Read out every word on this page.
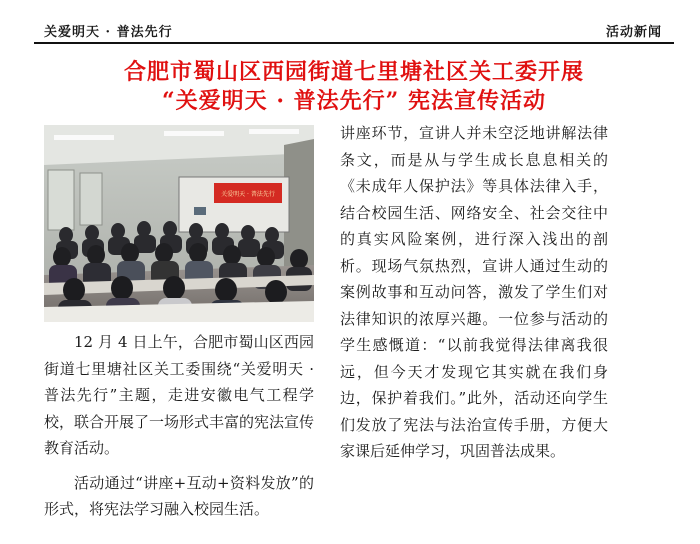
关爱明天 · 普法先行	活动新闻
合肥市蜀山区西园街道七里塘社区关工委开展
“关爱明天 · 普法先行” 宪法宣传活动
关爱明天 · 普法先行

12 月 4 日上午，合肥市蜀山区西园街道七里塘社区关工委围绕“关爱明天 · 普法先行”主题，走进安徽电气工程学校，联合开展了一场形式丰富的宪法宣传教育活动。

活动通过“讲座+互动+资料发放”的形式，将宪法学习融入校园生活。

讲座环节，宣讲人并未空泛地讲解法律条文，而是从与学生成长息息相关的《未成年人保护法》等具体法律入手，结合校园生活、网络安全、社会交往中的真实风险案例，进行深入浅出的剖析。现场气氛热烈，宣讲人通过生动的案例故事和互动问答，激发了学生们对法律知识的浓厚兴趣。一位参与活动的学生感慨道：“以前我觉得法律离我很远，但今天才发现它其实就在我们身边，保护着我们。”此外，活动还向学生们发放了宪法与法治宣传手册，方便大家课后延伸学习，巩固普法成果。
